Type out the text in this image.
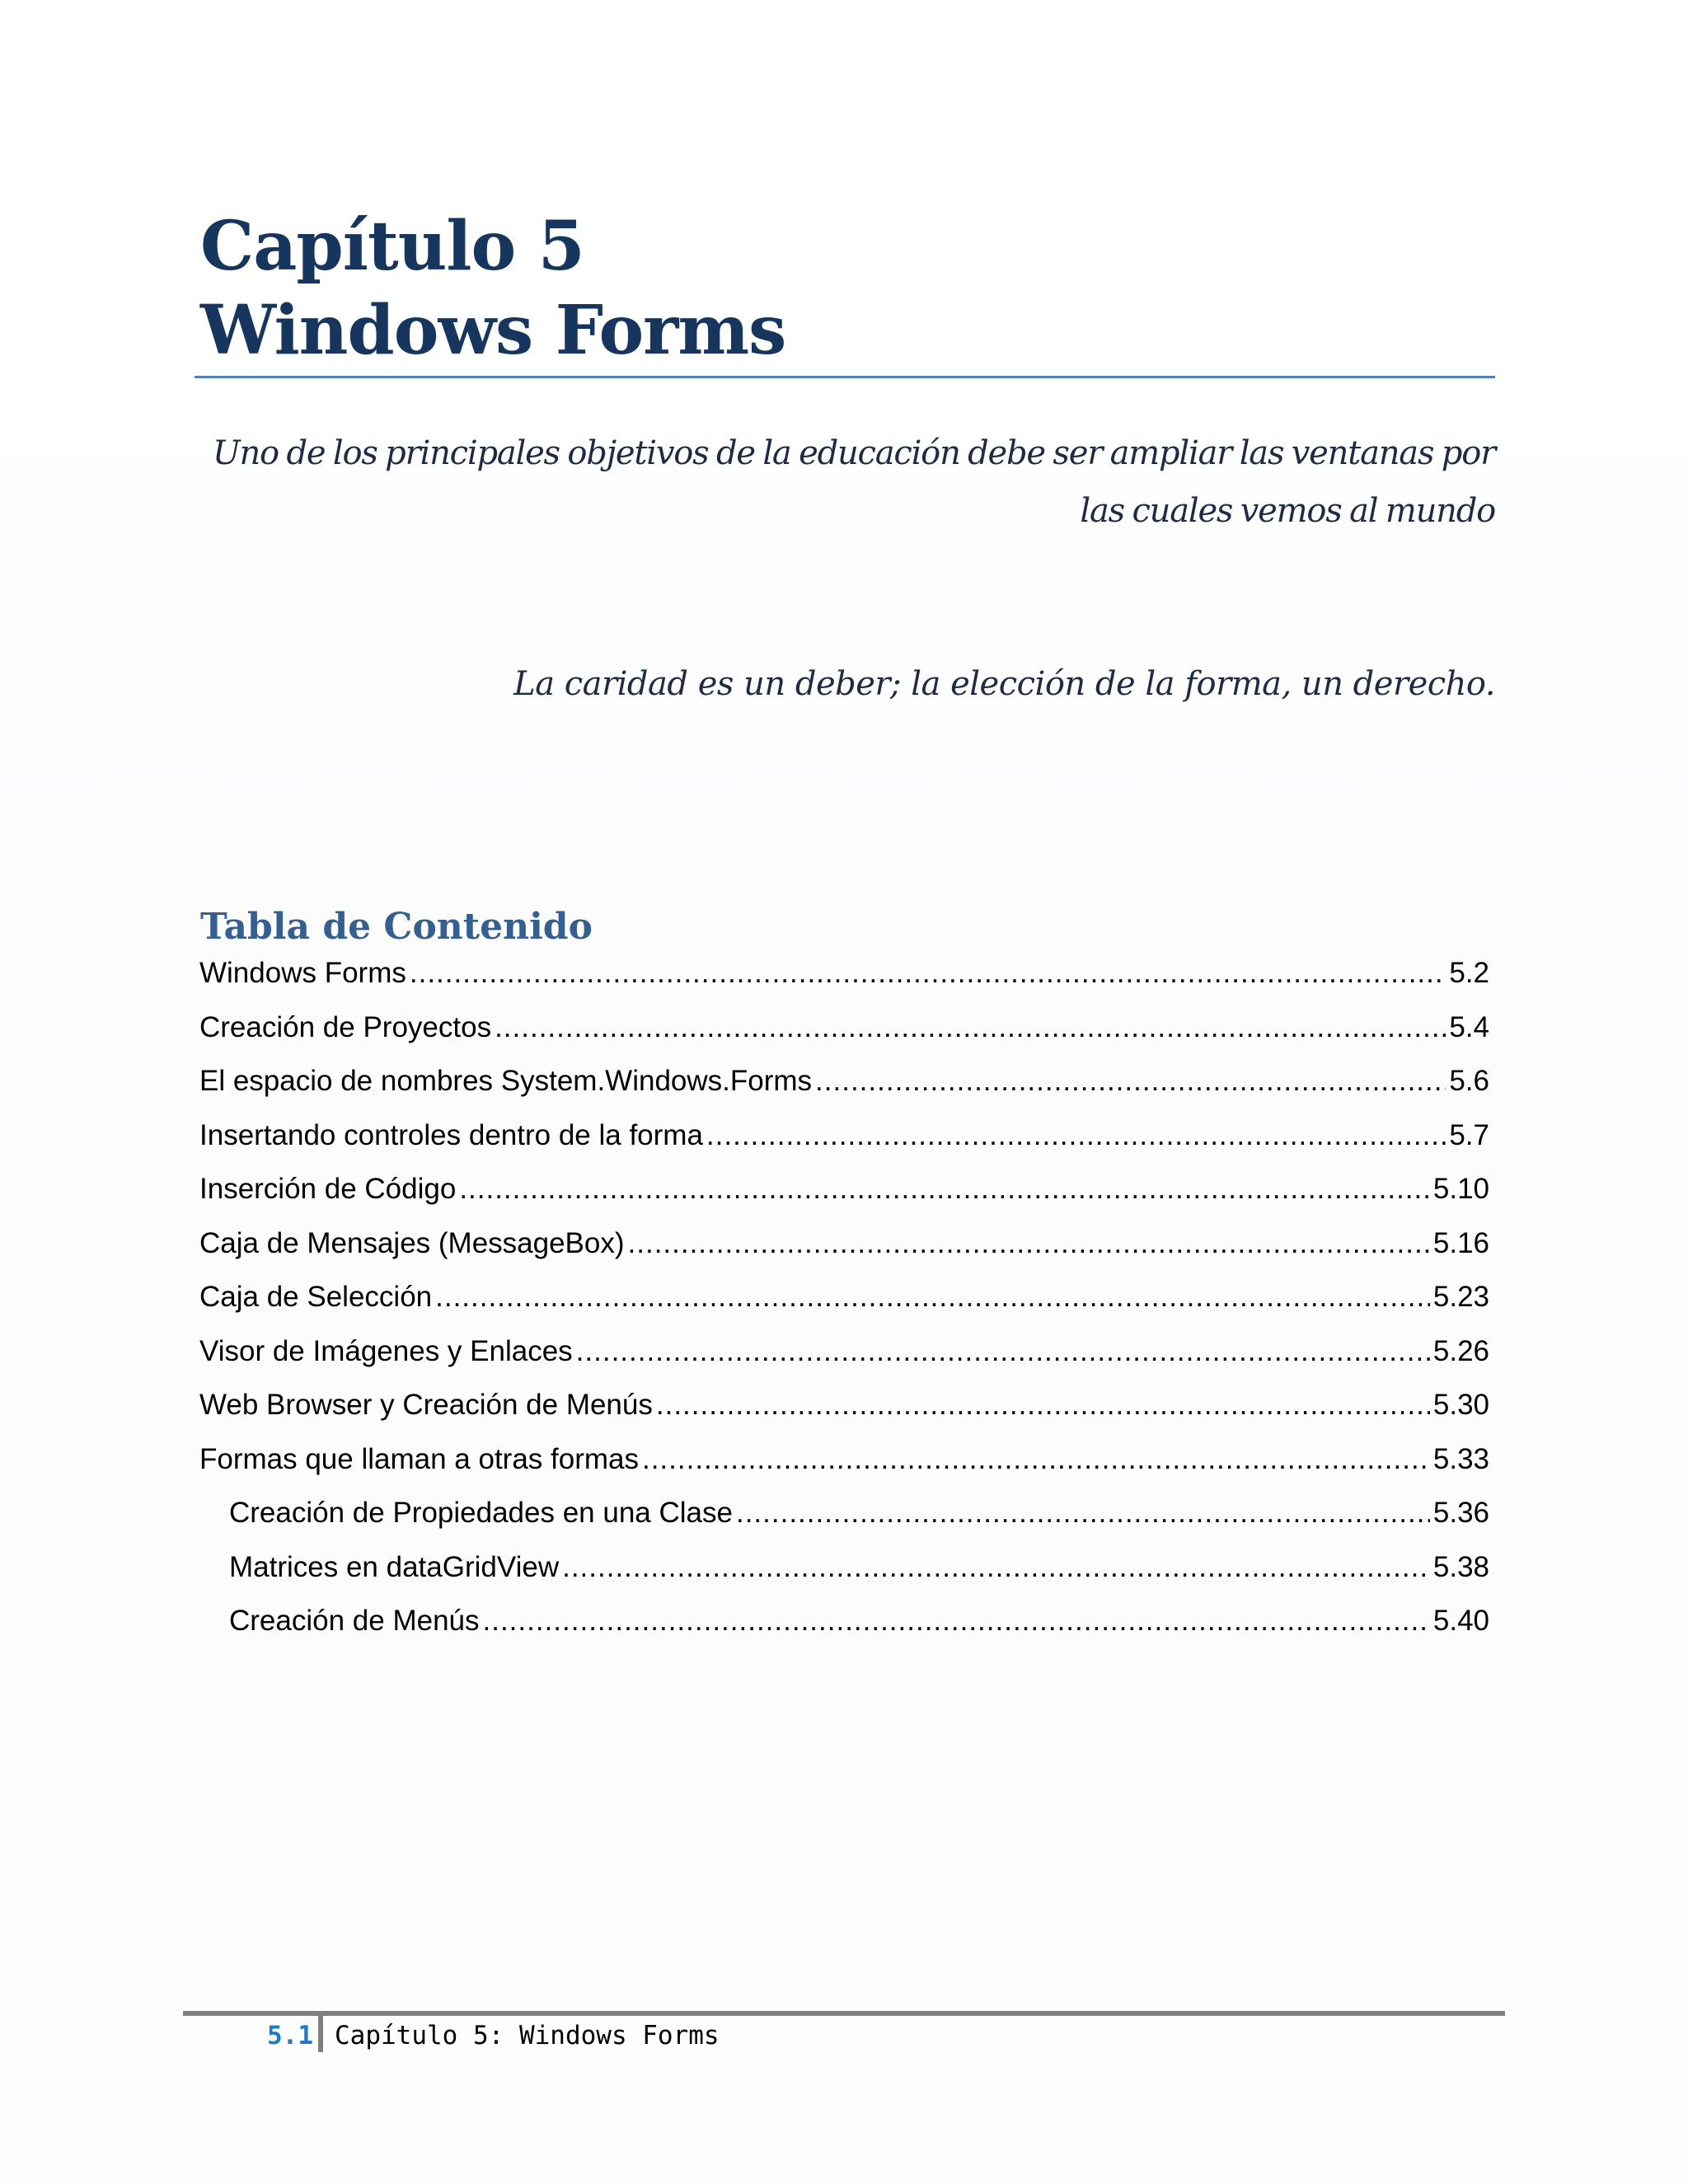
Capítulo 5
Windows Forms
Uno de los principales objetivos de la educación debe ser ampliar las ventanas por las cuales vemos al mundo
La caridad es un deber; la elección de la forma, un derecho.
Tabla de Contenido
Windows Forms .....	5.2
Creación de Proyectos .....	5.4
El espacio de nombres System.Windows.Forms .....	5.6
Insertando controles dentro de la forma .....	5.7
Inserción de Código .....	5.10
Caja de Mensajes (MessageBox) .....	5.16
Caja de Selección .....	5.23
Visor de Imágenes y Enlaces .....	5.26
Web Browser y Creación de Menús .....	5.30
Formas que llaman a otras formas .....	5.33
Creación de Propiedades en una Clase .....	5.36
Matrices en dataGridView .....	5.38
Creación de Menús .....	5.40
5.1 Capítulo 5: Windows Forms
